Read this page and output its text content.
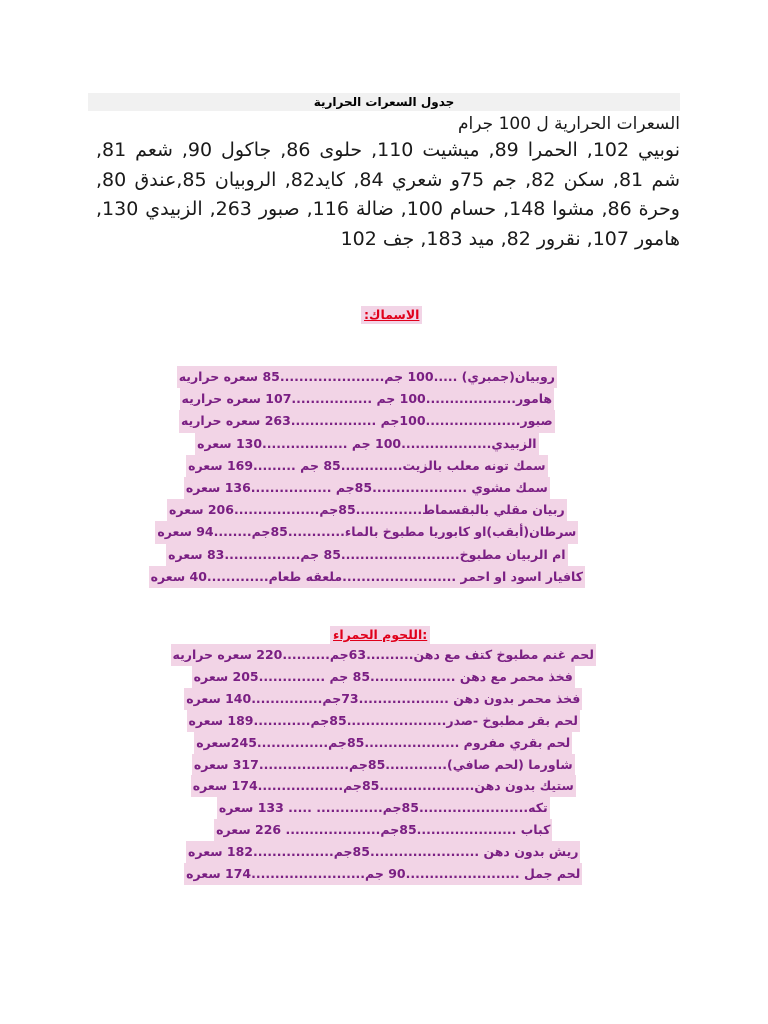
جدول السعرات الحرارية

السعرات الحرارية ل 100 جرام

نوبيي 102, الحمرا 89, ميشيت 110, حلوى 86, جاكول 90, شعم 81, شم 81, سكن 82, جم 75و شعري 84, كايد82, الروبيان 85,عندق 80, وحرة 86, مشوا 148, حسام 100, ضالة 116, صبور 263, الزبيدي 130, هامور 107, نقرور 82, ميد 183, جف 102

الاسماك:
روبيان(جمبري) .....100 جم......................85 سعره حراريه
هامور...................100 جم .................107 سعره حراريه
صبور....................100جم ..................263 سعره حراريه
الزبيدي...................100 جم ..................130 سعره
سمك تونه معلب بالزيت.............85 جم .........169 سعره
سمك مشوي ....................85جم .................136 سعره
ربيان مقلي بالبقسماط..............85جم..................206 سعره
سرطان(أبقب)او كابوريا مطبوخ بالماء............85جم........94 سعره
ام الربيان مطبوخ.........................85 جم................83 سعره
كافيار اسود او احمر ........................ملعقه طعام.............40 سعره
:اللحوم الحمراء
لحم غنم مطبوخ كتف مع دهن..........63جم..........220 سعره حراريه
فخذ محمر مع دهن ..................85 جم ..............205 سعره
فخذ محمر بدون دهن ...................73جم...............140 سعره
لحم بقر مطبوخ -صدر.....................85جم............189 سعره
لحم بقري مفروم ....................85جم...............245سعره
شاورما (لحم صافي).............85جم...................317 سعره
ستيك بدون دهن....................85جم..................174 سعره
تكه.......................85جم.............. ..... 133 سعره
كباب .....................85جم.................... 226 سعره
ريش بدون دهن .......................85جم.................182 سعره
لحم جمل ........................90 جم........................174 سعره
